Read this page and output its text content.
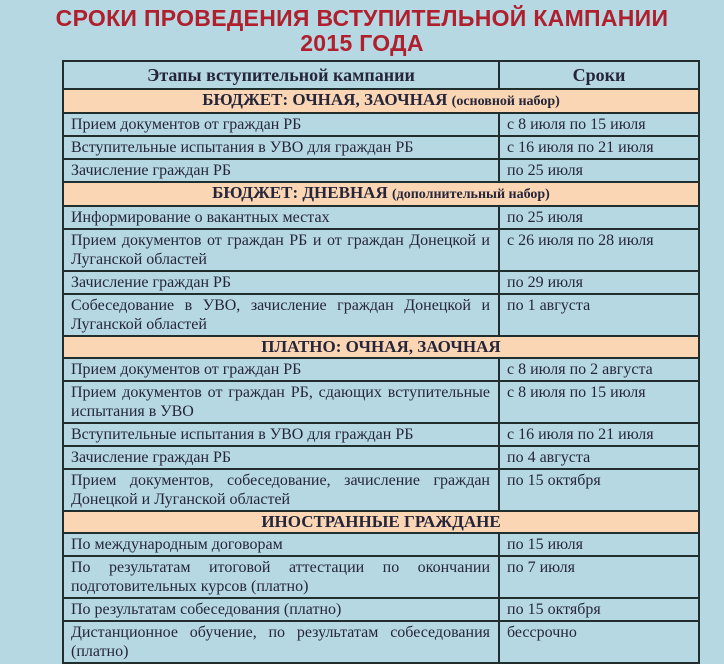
СРОКИ ПРОВЕДЕНИЯ ВСТУПИТЕЛЬНОЙ КАМПАНИИ
2015 ГОДА
Этапы вступительной кампании	Сроки
БЮДЖЕТ: ОЧНАЯ, ЗАОЧНАЯ (основной набор)	
Прием документов от граждан РБ	с 8 июля по 15 июля
Вступительные испытания в УВО для граждан РБ	с 16 июля по 21 июля
Зачисление граждан РБ	по 25 июля
БЮДЖЕТ: ДНЕВНАЯ (дополнительный набор)	
Информирование о вакантных местах	по 25 июля
Прием документов от граждан РБ и от граждан Донецкой и Луганской областей	с 26 июля по 28 июля
Зачисление граждан РБ	по 29 июля
Собеседование в УВО, зачисление граждан Донецкой и Луганской областей	по 1 августа
ПЛАТНО: ОЧНАЯ, ЗАОЧНАЯ	
Прием документов от граждан РБ	с 8 июля по 2 августа
Прием документов от граждан РБ, сдающих вступительные испытания в УВО	с 8 июля по 15 июля
Вступительные испытания в УВО для граждан РБ	с 16 июля по 21 июля
Зачисление граждан РБ	по 4 августа
Прием документов, собеседование, зачисление граждан Донецкой и Луганской областей	по 15 октября
ИНОСТРАННЫЕ ГРАЖДАНЕ	
По международным договорам	по 15 июля
По результатам итоговой аттестации по окончании подготовительных курсов (платно)	по 7 июля
По результатам собеседования (платно)	по 15 октября
Дистанционное обучение, по результатам собеседования (платно)	бессрочно
